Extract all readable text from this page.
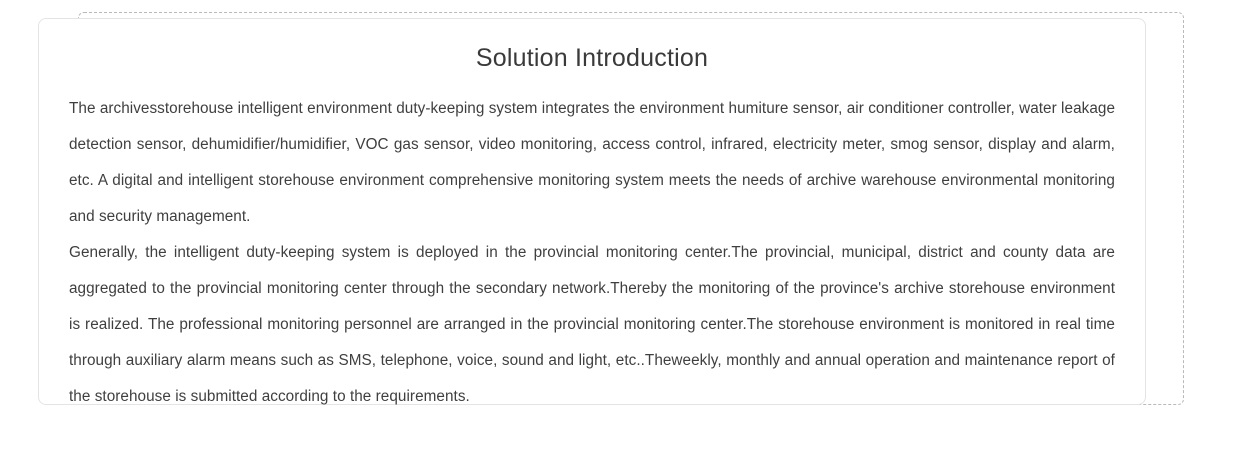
Solution Introduction

The archivesstorehouse intelligent environment duty-keeping system integrates the environment humiture sensor, air conditioner controller, water leakage detection sensor, dehumidifier/humidifier, VOC gas sensor, video monitoring, access control, infrared, electricity meter, smog sensor, display and alarm, etc. A digital and intelligent storehouse environment comprehensive monitoring system meets the needs of archive warehouse environmental monitoring and security management.

Generally, the intelligent duty-keeping system is deployed in the provincial monitoring center.The provincial, municipal, district and county data are aggregated to the provincial monitoring center through the secondary network.Thereby the monitoring of the province's archive storehouse environment is realized. The professional monitoring personnel are arranged in the provincial monitoring center.The storehouse environment is monitored in real time through auxiliary alarm means such as SMS, telephone, voice, sound and light, etc..Theweekly, monthly and annual operation and maintenance report of the storehouse is submitted according to the requirements.
